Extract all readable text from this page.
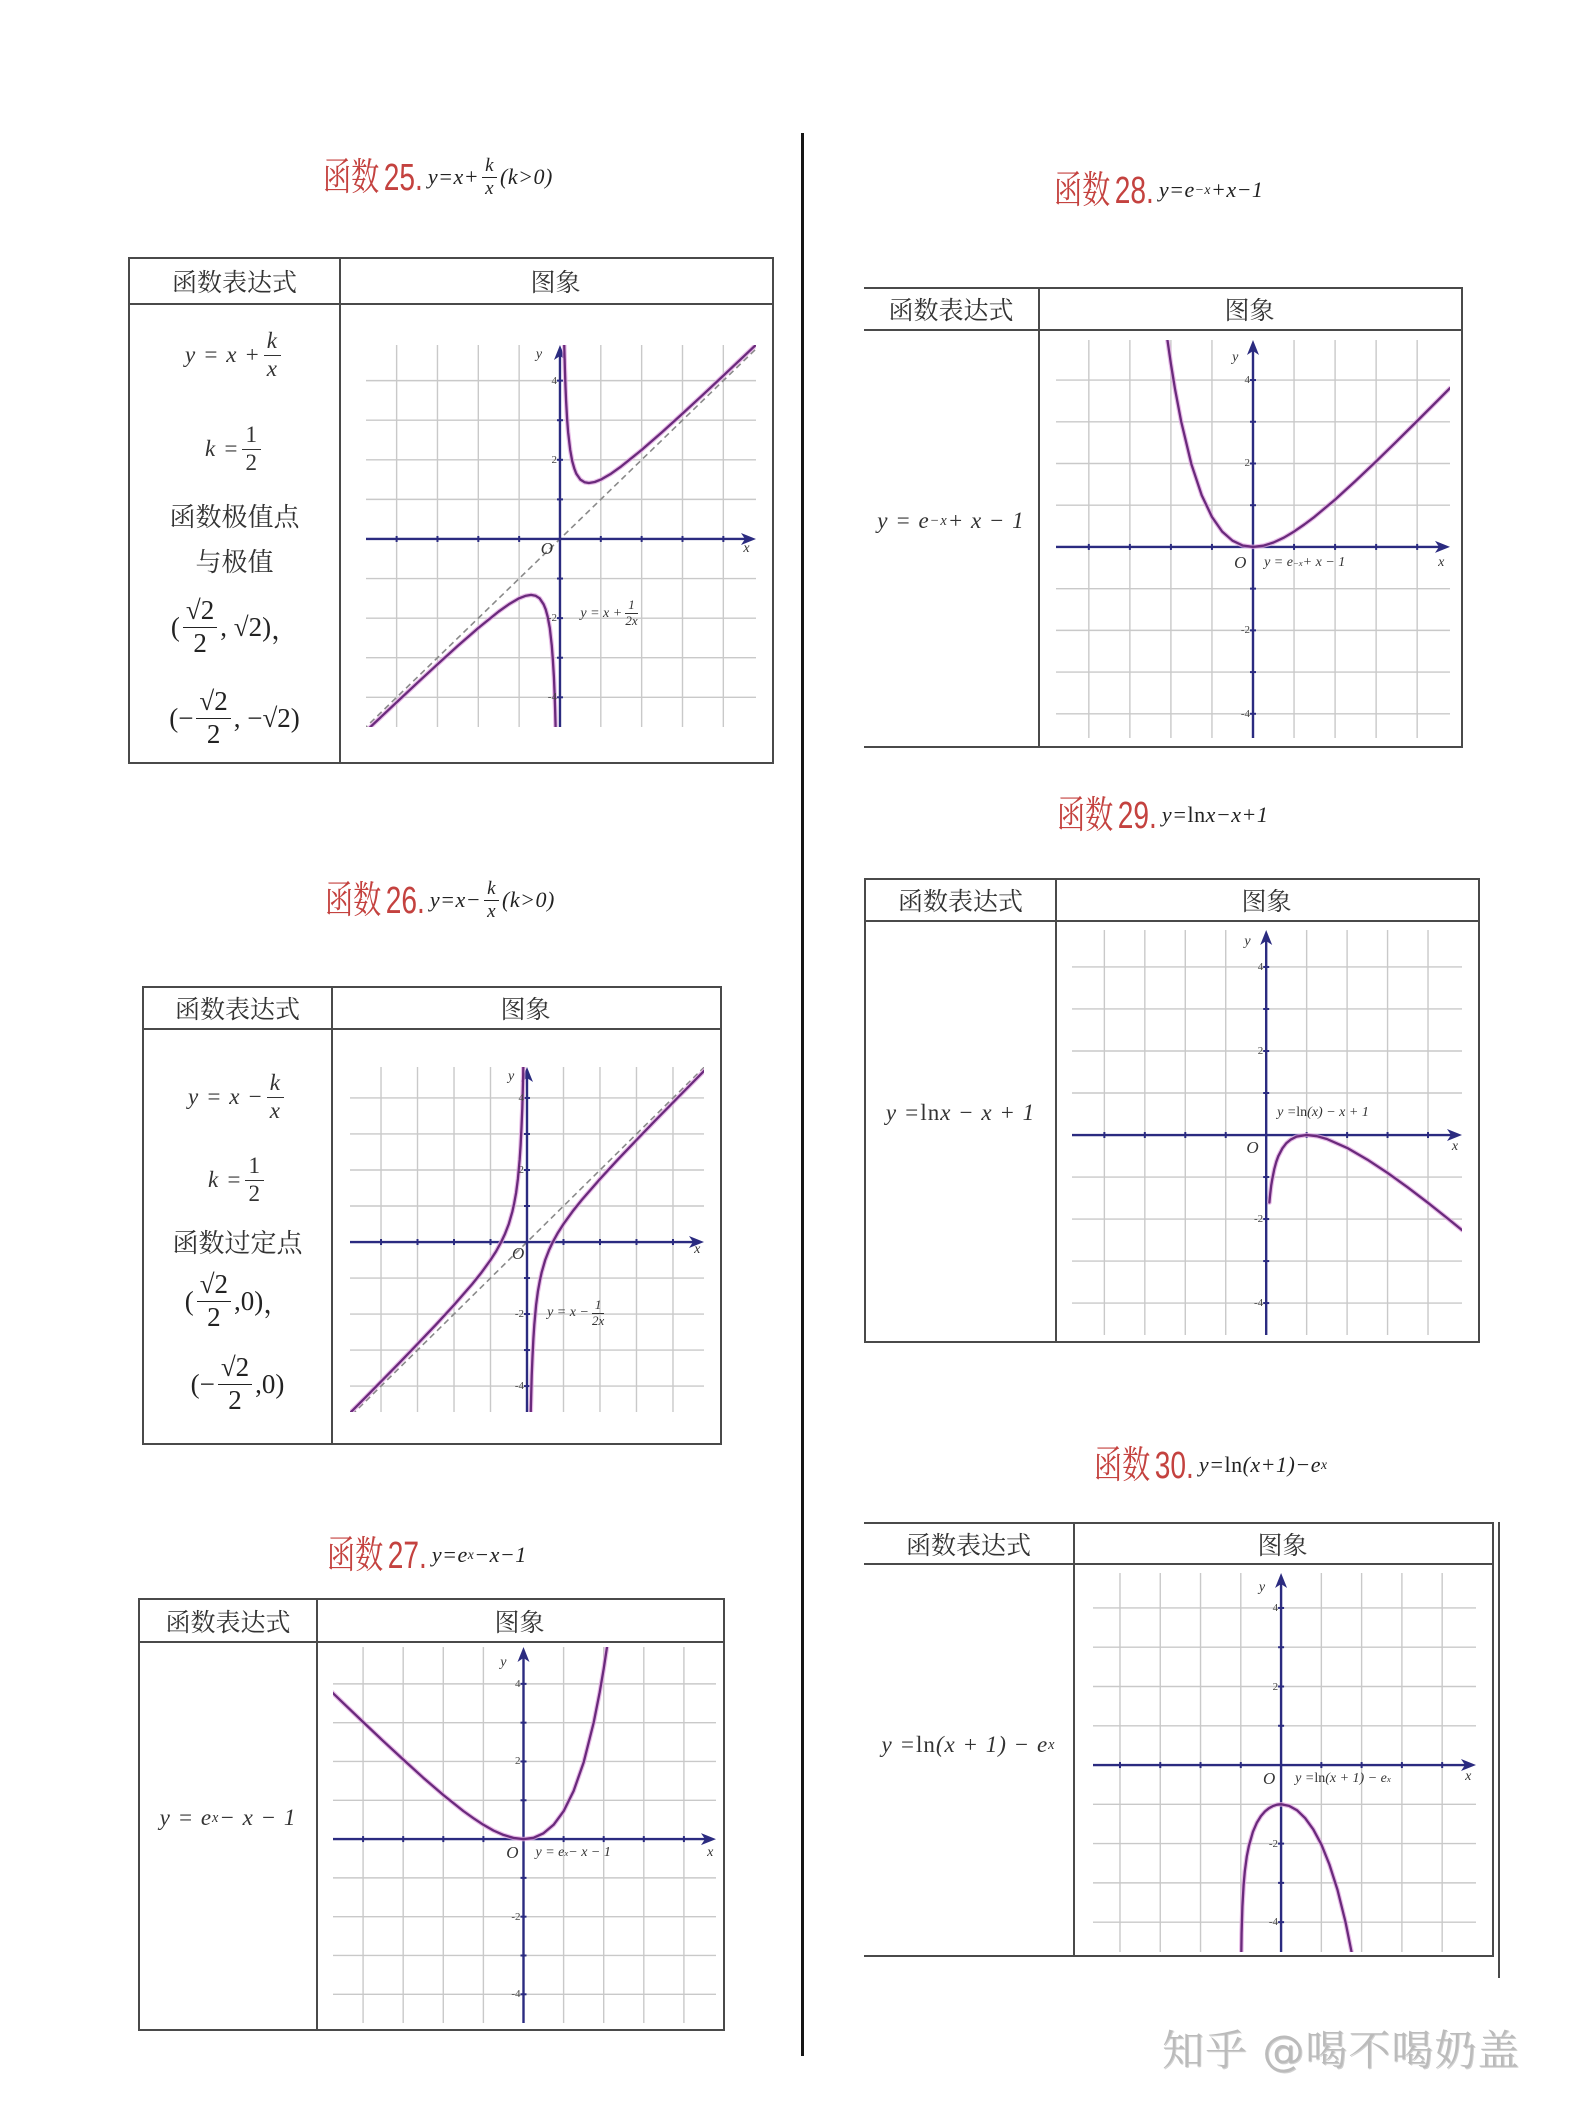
函数 25. $y=x+ \frac{k}{x} (k>0)$
函数表达式	图象
$y = x + \frac{k}{x}$
$k = \frac{1}{2}$
函数极值点
与极值
( $\frac{√2}{2}$ , √2) ，
(− $\frac{√2}{2}$ , −√2)
$y = x + \frac{1}{2x}$
4
2
-2
-4
y
x
O
函数 26. $y=x- \frac{k}{x} (k>0)$
函数表达式	图象
$y = x - \frac{k}{x}$
$k = \frac{1}{2}$
函数过定点
( $\frac{√2}{2} ,0$) ，
(− $\frac{√2}{2} ,0$)
$y = x - \frac{1}{2x}$
4
2
-2
-4
y
x
O
函数 27. y=e x −x−1
函数表达式	图象
y = e x − x − 1
y = e x − x − 1
4
2
-2
-4
y
x
O
函数 28. y=e −x +x−1
函数表达式	图象
y = e −x + x − 1
y = e −x + x − 1
4
2
-2
-4
y
x
O
函数 29. y= ln x−x+1
函数表达式	图象
y = ln x − x + 1	y = ln (x) − x + 1
4
2
-2
-4
y
x
O
函数 30. y= ln (x+1)−e x
函数表达式	图象
y = ln (x + 1) − e x
y = ln (x + 1) − e x
4
2
-2
-4
y
x
O
知乎 @喝不喝奶盖
